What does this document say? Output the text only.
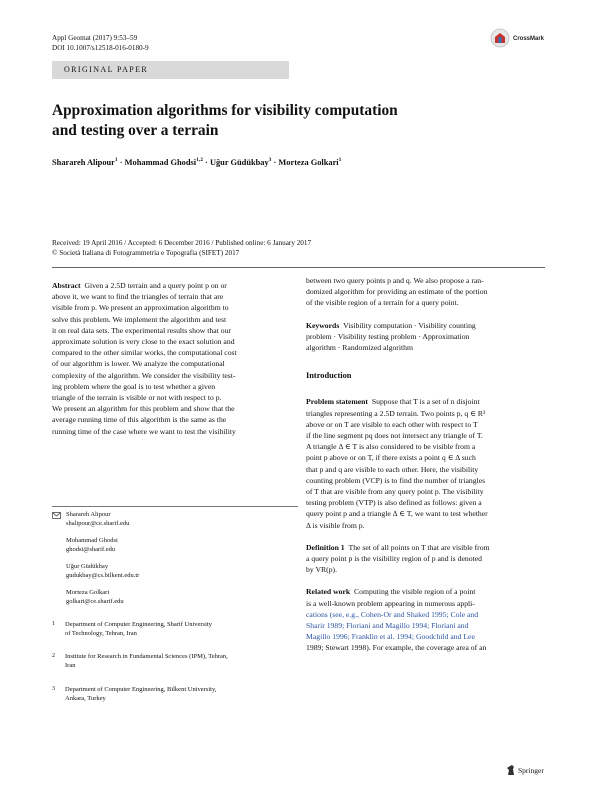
Appl Geomat (2017) 9:53–59
DOI 10.1007/s12518-016-0180-9
CrossMark
ORIGINAL PAPER
Approximation algorithms for visibility computation
and testing over a terrain
Sharareh Alipour$^1$ · Mohammad Ghodsi$^{1,2}$ · Uğur Güdükbay$^3$ · Morteza Golkari$^1$
Received: 19 April 2016 / Accepted: 6 December 2016 / Published online: 6 January 2017
© Società Italiana di Fotogrammetria e Topografia (SIFET) 2017
Abstract Given a 2.5D terrain and a query point p on or
above it, we want to find the triangles of terrain that are
visible from p. We present an approximation algorithm to
solve this problem. We implement the algorithm and test
it on real data sets. The experimental results show that our
approximate solution is very close to the exact solution and
compared to the other similar works, the computational cost
of our algorithm is lower. We analyze the computational
complexity of the algorithm. We consider the visibility test-
ing problem where the goal is to test whether a given
triangle of the terrain is visible or not with respect to p.
We present an algorithm for this problem and show that the
average running time of this algorithm is the same as the
running time of the case where we want to test the visibility
Sharareh Alipour
shalipour@ce.sharif.edu
Mohammad Ghodsi
ghodsi@sharif.edu
Uğur Güdükbay
gudukbay@cs.bilkent.edu.tr
Morteza Golkari
golkari@ce.sharif.edu
1 Department of Computer Engineering, Sharif University
of Technology, Tehran, Iran
2 Institute for Research in Fundamental Sciences (IPM), Tehran,
Iran
3 Department of Computer Engineering, Bilkent University,
Ankara, Turkey
between two query points p and q. We also propose a ran-
domized algorithm for providing an estimate of the portion
of the visible region of a terrain for a query point.
Keywords Visibility computation · Visibility counting
problem · Visibility testing problem · Approximation
algorithm · Randomized algorithm
Introduction
Problem statement Suppose that T is a set of n disjoint
triangles representing a 2.5D terrain. Two points p, q ∈ R³
above or on T are visible to each other with respect to T
if the line segment pq does not intersect any triangle of T.
A triangle Δ ∈ T is also considered to be visible from a
point p above or on T, if there exists a point q ∈ Δ such
that p and q are visible to each other. Here, the visibility
counting problem (VCP) is to find the number of triangles
of T that are visible from any query point p. The visibility
testing problem (VTP) is also defined as follows: given a
query point p and a triangle Δ ∈ T, we want to test whether
Δ is visible from p.
Definition 1 The set of all points on T that are visible from
a query point p is the visibility region of p and is denoted
by VR(p).
Related work Computing the visible region of a point
is a well-known problem appearing in numerous appli-
cations (see, e.g., Cohen-Or and Shaked 1995; Cole and
Sharir 1989; Floriani and Magillo 1994; Floriani and
Magillo 1996; Franklin et al. 1994; Goodchild and Lee
1989; Stewart 1998). For example, the coverage area of an
Springer
